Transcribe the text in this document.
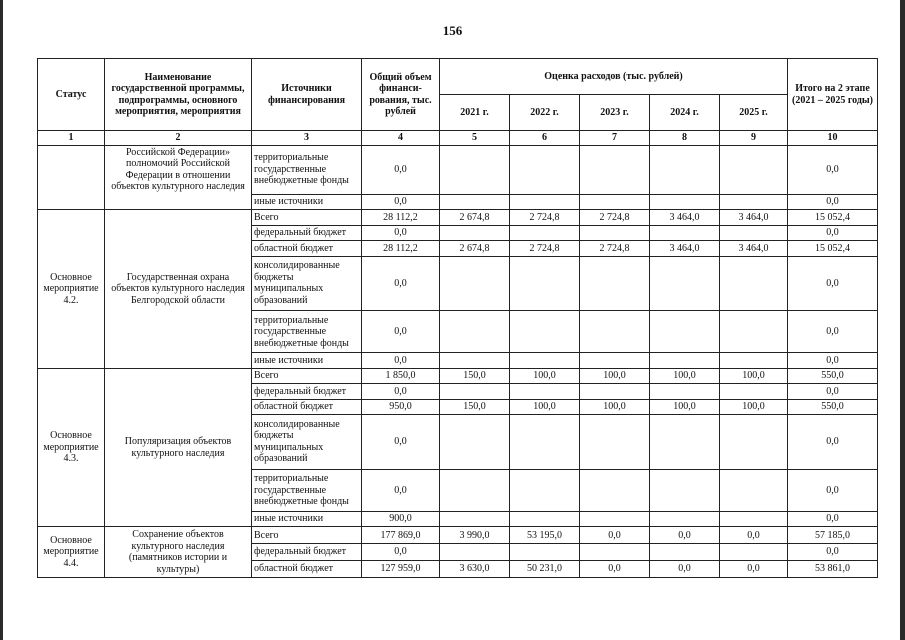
156
Статус	Наименование государственной программы, подпрограммы, основного мероприятия, мероприятия	Источники финансирования	Общий объем финанси-рования, тыс. рублей	Оценка расходов (тыс. рублей)					Итого на 2 этапе (2021 – 2025 годы)
				2021 г.	2022 г.	2023 г.	2024 г.	2025 г.	
1	2	3	4	5	6	7	8	9	10
	Российской Федерации» полномочий Российской Федерации в отношении объектов культурного наследия	территориальные государственные внебюджетные фонды	0,0						0,0
		иные источники	0,0						0,0
Основное мероприятие 4.2.	Государственная охрана объектов культурного наследия Белгородской области	Всего	28 112,2	2 674,8	2 724,8	2 724,8	3 464,0	3 464,0	15 052,4
		федеральный бюджет	0,0						0,0
		областной бюджет	28 112,2	2 674,8	2 724,8	2 724,8	3 464,0	3 464,0	15 052,4
		консолидированные бюджеты муниципальных образований	0,0						0,0
		территориальные государственные внебюджетные фонды	0,0						0,0
		иные источники	0,0						0,0
Основное мероприятие 4.3.	Популяризация объектов культурного наследия	Всего	1 850,0	150,0	100,0	100,0	100,0	100,0	550,0
		федеральный бюджет	0,0						0,0
		областной бюджет	950,0	150,0	100,0	100,0	100,0	100,0	550,0
		консолидированные бюджеты муниципальных образований	0,0						0,0
		территориальные государственные внебюджетные фонды	0,0						0,0
		иные источники	900,0						0,0
Основное мероприятие 4.4.	Сохранение объектов культурного наследия (памятников истории и культуры)	Всего	177 869,0	3 990,0	53 195,0	0,0	0,0	0,0	57 185,0
		федеральный бюджет	0,0						0,0
		областной бюджет	127 959,0	3 630,0	50 231,0	0,0	0,0	0,0	53 861,0
